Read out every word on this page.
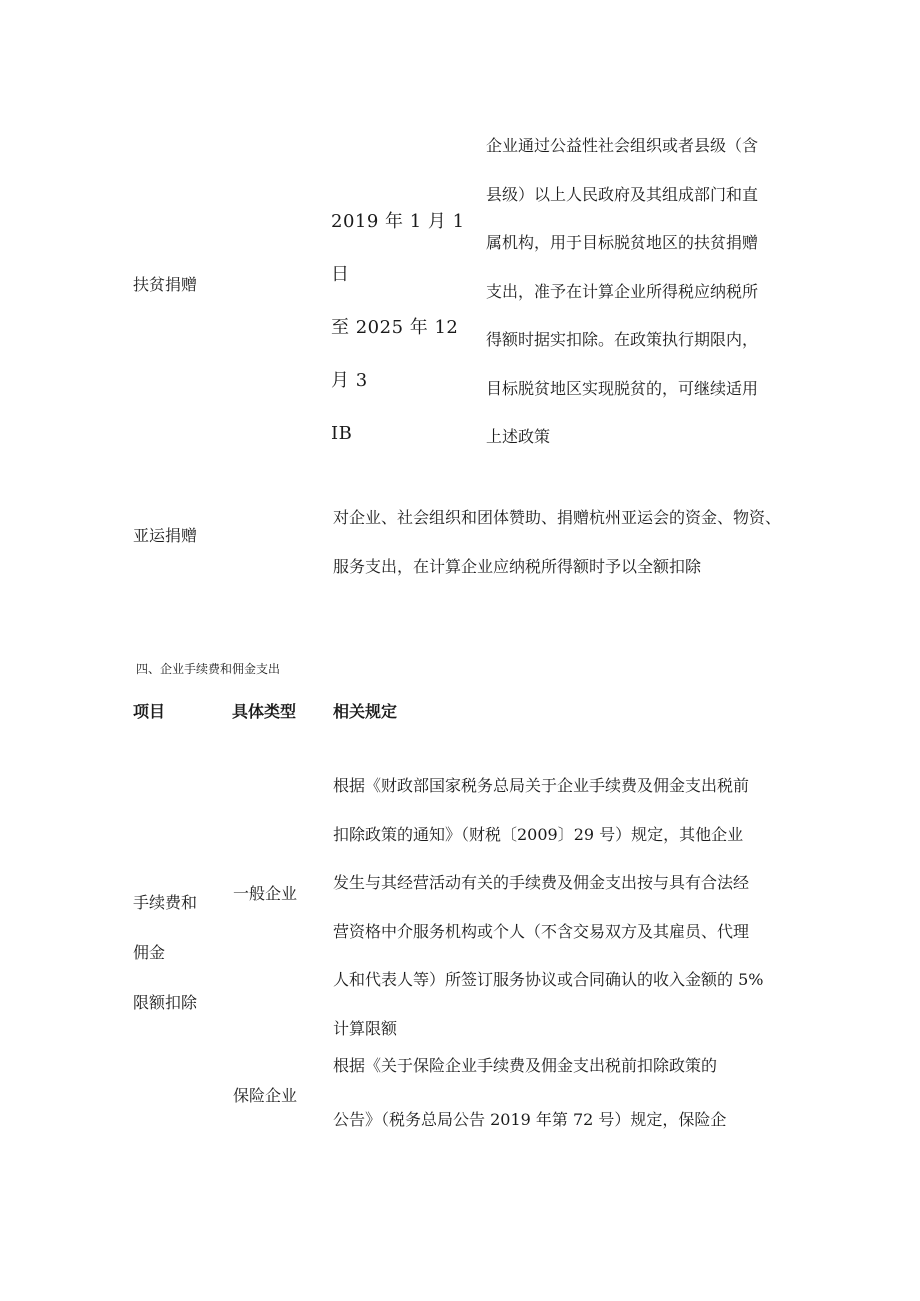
扶贫捐赠
2019 年 1 月 1 日
至 2025 年 12 月 3
IB
企业通过公益性社会组织或者县级（含
县级）以上人民政府及其组成部门和直
属机构，用于目标脱贫地区的扶贫捐赠
支出，准予在计算企业所得税应纳税所
得额时据实扣除。在政策执行期限内，
目标脱贫地区实现脱贫的，可继续适用
上述政策
亚运捐赠
对企业、社会组织和团体赞助、捐赠杭州亚运会的资金、物资、
服务支出，在计算企业应纳税所得额时予以全额扣除
四、企业手续费和佣金支出
项目	具体类型 相关规定
手续费和
佣金
限额扣除
一般企业
根据《财政部国家税务总局关于企业手续费及佣金支出税前
扣除政策的通知》（财税〔2009〕29 号）规定，其他企业
发生与其经营活动有关的手续费及佣金支出按与具有合法经
营资格中介服务机构或个人（不含交易双方及其雇员、代理
人和代表人等）所签订服务协议或合同确认的收入金额的 5%
计算限额
保险企业
根据《关于保险企业手续费及佣金支出税前扣除政策的
公告》（税务总局公告 2019 年第 72 号）规定，保险企
